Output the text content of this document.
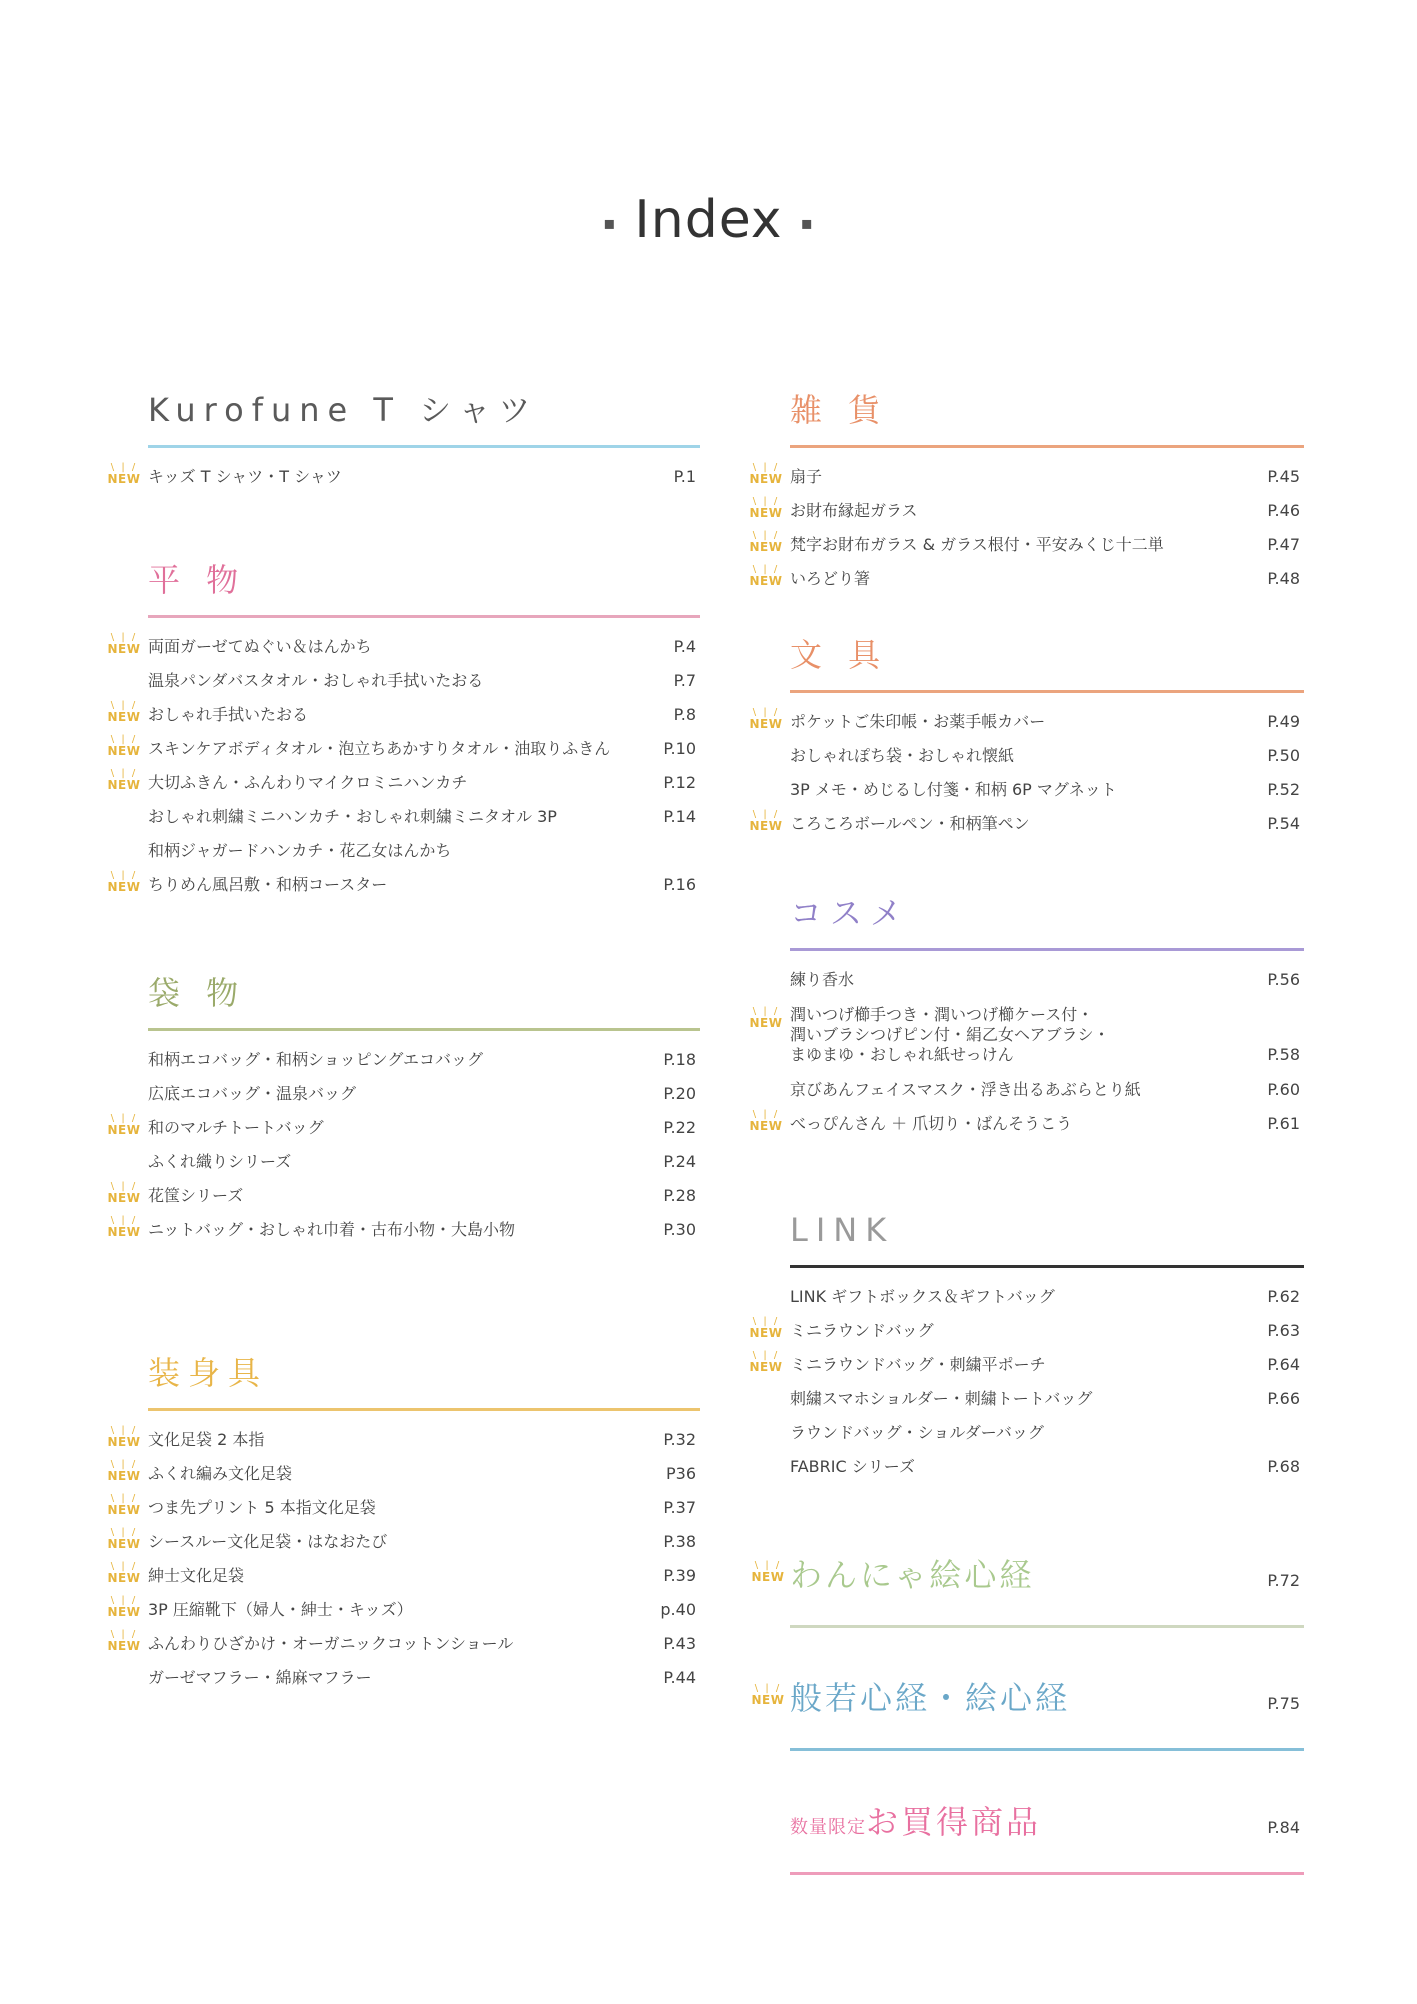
▪ Index ▪
Kurofune T シャツ
\ | /
NEW キッズ T シャツ・T シャツ	P.1
平 物
\ | /
NEW 両面ガーゼてぬぐい＆はんかち	P.4
温泉パンダバスタオル・おしゃれ手拭いたおる	P.7
\ | /
NEW おしゃれ手拭いたおる	P.8
\ | /
NEW スキンケアボディタオル・泡立ちあかすりタオル・油取りふきん	P.10
\ | /
NEW 大切ふきん・ふんわりマイクロミニハンカチ	P.12
おしゃれ刺繍ミニハンカチ・おしゃれ刺繍ミニタオル 3P	P.14
和柄ジャガードハンカチ・花乙女はんかち
\ | /
NEW ちりめん風呂敷・和柄コースター	P.16
袋 物
和柄エコバッグ・和柄ショッピングエコバッグ	P.18
広底エコバッグ・温泉バッグ	P.20
\ | /
NEW 和のマルチトートバッグ	P.22
ふくれ織りシリーズ	P.24
\ | /
NEW 花筺シリーズ	P.28
\ | /
NEW ニットバッグ・おしゃれ巾着・古布小物・大島小物	P.30
装身具
\ | /
NEW 文化足袋 2 本指	P.32
\ | /
NEW ふくれ編み文化足袋	P36
\ | /
NEW つま先プリント 5 本指文化足袋	P.37
\ | /
NEW シースルー文化足袋・はなおたび	P.38
\ | /
NEW 紳士文化足袋	P.39
\ | /
NEW 3P 圧縮靴下（婦人・紳士・キッズ）	p.40
\ | /
NEW ふんわりひざかけ・オーガニックコットンショール	P.43
ガーゼマフラー・綿麻マフラー	P.44
雑 貨
\ | /
NEW 扇子	P.45
\ | /
NEW お財布縁起ガラス	P.46
\ | /
NEW 梵字お財布ガラス & ガラス根付・平安みくじ十二単	P.47
\ | /
NEW いろどり箸	P.48
文 具
\ | /
NEW ポケットご朱印帳・お薬手帳カバー	P.49
おしゃれぽち袋・おしゃれ懐紙	P.50
3P メモ・めじるし付箋・和柄 6P マグネット	P.52
\ | /
NEW ころころボールペン・和柄筆ペン	P.54
コスメ
練り香水	P.56
\ | /
NEW 潤いつげ櫛手つき・潤いつげ櫛ケース付・
潤いブラシつげピン付・絹乙女ヘアブラシ・
まゆまゆ・おしゃれ紙せっけん	P.58
京びあんフェイスマスク・浮き出るあぶらとり紙	P.60
\ | /
NEW べっぴんさん ＋ 爪切り・ばんそうこう	P.61
LINK
LINK ギフトボックス＆ギフトバッグ	P.62
\ | /
NEW ミニラウンドバッグ	P.63
\ | /
NEW ミニラウンドバッグ・刺繍平ポーチ	P.64
刺繍スマホショルダー・刺繍トートバッグ	P.66
ラウンドバッグ・ショルダーバッグ
FABRIC シリーズ	P.68
\ | /
NEW わんにゃ絵心経	P.72
\ | /
NEW 般若心経・絵心経	P.75
数量限定お買得商品	P.84
